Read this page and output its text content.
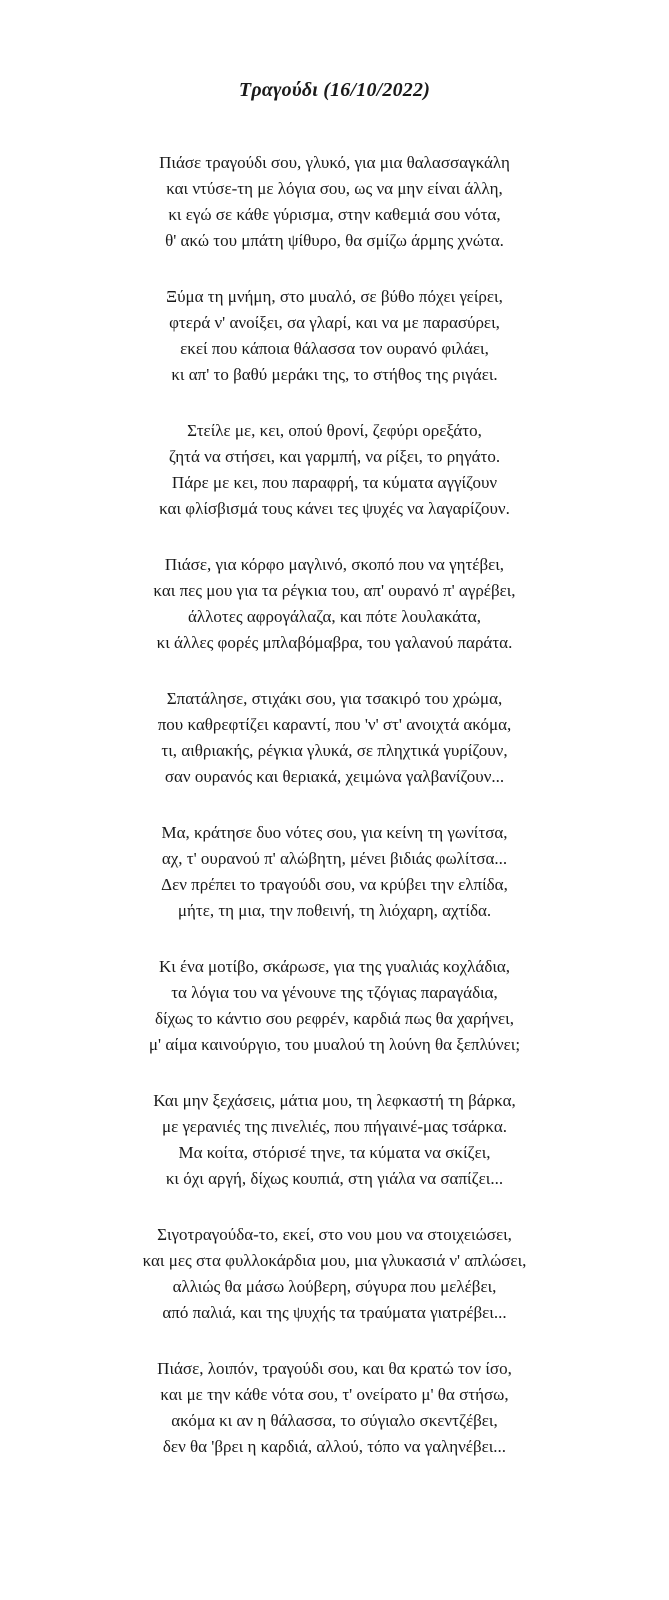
Τραγούδι (16/10/2022)
Πιάσε τραγούδι σου, γλυκό, για μια θαλασσαγκάλη
και ντύσε-τη με λόγια σου, ως να μην είναι άλλη,
κι εγώ σε κάθε γύρισμα, στην καθεμιά σου νότα,
θ' ακώ του μπάτη ψίθυρο, θα σμίζω άρμης χνώτα.
Ξύμα τη μνήμη, στο μυαλό, σε βύθο πόχει γείρει,
φτερά ν' ανοίξει, σα γλαρί, και να με παρασύρει,
εκεί που κάποια θάλασσα τον ουρανό φιλάει,
κι απ' το βαθύ μεράκι της, το στήθος της ριγάει.
Στείλε με, κει, οπού θρονί, ζεφύρι ορεξάτο,
ζητά να στήσει, και γαρμπή, να ρίξει, το ρηγάτο.
Πάρε με κει, που παραφρή, τα κύματα αγγίζουν
και φλίσβισμά τους κάνει τες ψυχές να λαγαρίζουν.
Πιάσε, για κόρφο μαγλινό, σκοπό που να γητέβει,
και πες μου για τα ρέγκια του, απ' ουρανό π' αγρέβει,
άλλοτες αφρογάλαζα, και πότε λουλακάτα,
κι άλλες φορές μπλαβόμαβρα, του γαλανού παράτα.
Σπατάλησε, στιχάκι σου, για τσακιρό του χρώμα,
που καθρεφτίζει καραντί, που 'ν' στ' ανοιχτά ακόμα,
τι, αιθριακής, ρέγκια γλυκά, σε πληχτικά γυρίζουν,
σαν ουρανός και θεριακά, χειμώνα γαλβανίζουν...
Μα, κράτησε δυο νότες σου, για κείνη τη γωνίτσα,
αχ, τ' ουρανού π' αλώβητη, μένει βιδιάς φωλίτσα...
Δεν πρέπει το τραγούδι σου, να κρύβει την ελπίδα,
μήτε, τη μια, την ποθεινή, τη λιόχαρη, αχτίδα.
Κι ένα μοτίβο, σκάρωσε, για της γυαλιάς κοχλάδια,
τα λόγια του να γένουνε της τζόγιας παραγάδια,
δίχως το κάντιο σου ρεφρέν, καρδιά πως θα χαρήνει,
μ' αίμα καινούργιο, του μυαλού τη λούνη θα ξεπλύνει;
Και μην ξεχάσεις, μάτια μου, τη λεφκαστή τη βάρκα,
με γερανιές της πινελιές, που πήγαινέ-μας τσάρκα.
Μα κοίτα, στόρισέ τηνε, τα κύματα να σκίζει,
κι όχι αργή, δίχως κουπιά, στη γιάλα να σαπίζει...
Σιγοτραγούδα-το, εκεί, στο νου μου να στοιχειώσει,
και μες στα φυλλοκάρδια μου, μια γλυκασιά ν' απλώσει,
αλλιώς θα μάσω λούβερη, σύγυρα που μελέβει,
από παλιά, και της ψυχής τα τραύματα γιατρέβει...
Πιάσε, λοιπόν, τραγούδι σου, και θα κρατώ τον ίσο,
και με την κάθε νότα σου, τ' ονείρατο μ' θα στήσω,
ακόμα κι αν η θάλασσα, το σύγιαλο σκεντζέβει,
δεν θα 'βρει η καρδιά, αλλού, τόπο να γαληνέβει...
